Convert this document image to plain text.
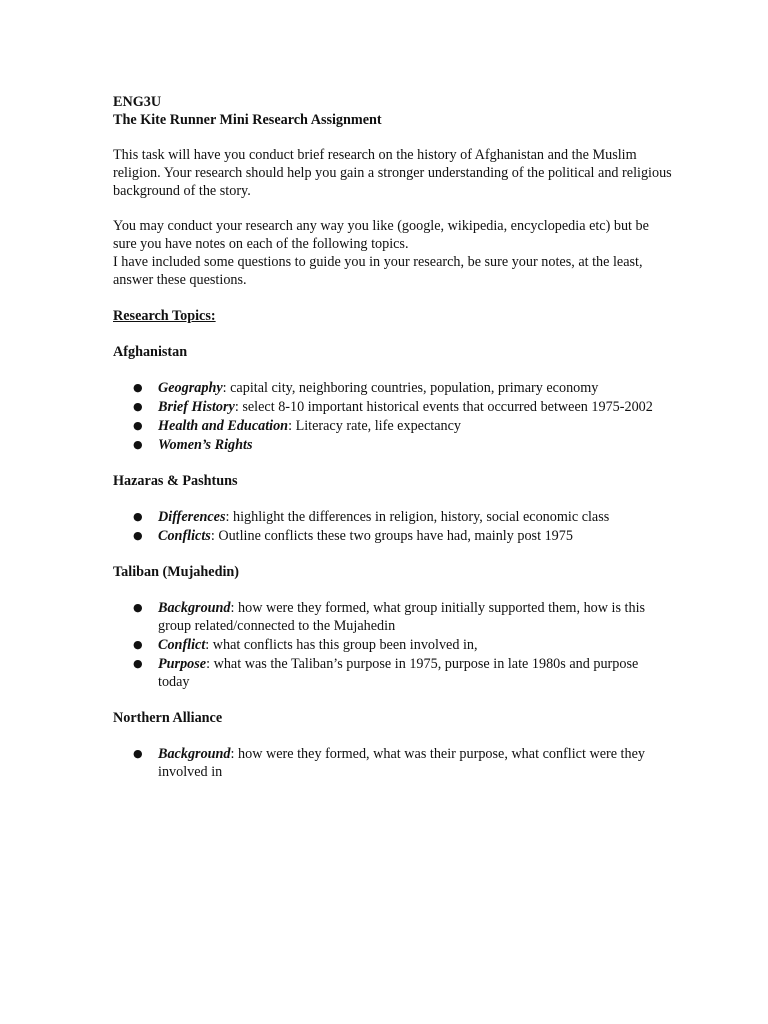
ENG3U

The Kite Runner Mini Research Assignment

This task will have you conduct brief research on the history of Afghanistan and the Muslim religion. Your research should help you gain a stronger understanding of the political and religious background of the story.

You may conduct your research any way you like (google, wikipedia, encyclopedia etc) but be sure you have notes on each of the following topics.

I have included some questions to guide you in your research, be sure your notes, at the least, answer these questions.

Research Topics:

Afghanistan

● Geography: capital city, neighboring countries, population, primary economy
● Brief History: select 8-10 important historical events that occurred between 1975-2002
● Health and Education: Literacy rate, life expectancy
● Women’s Rights

Hazaras & Pashtuns

● Differences: highlight the differences in religion, history, social economic class
● Conflicts: Outline conflicts these two groups have had, mainly post 1975

Taliban (Mujahedin)

● Background: how were they formed, what group initially supported them, how is this group related/connected to the Mujahedin
● Conflict: what conflicts has this group been involved in,
● Purpose: what was the Taliban’s purpose in 1975, purpose in late 1980s and purpose today

Northern Alliance

● Background: how were they formed, what was their purpose, what conflict were they involved in
